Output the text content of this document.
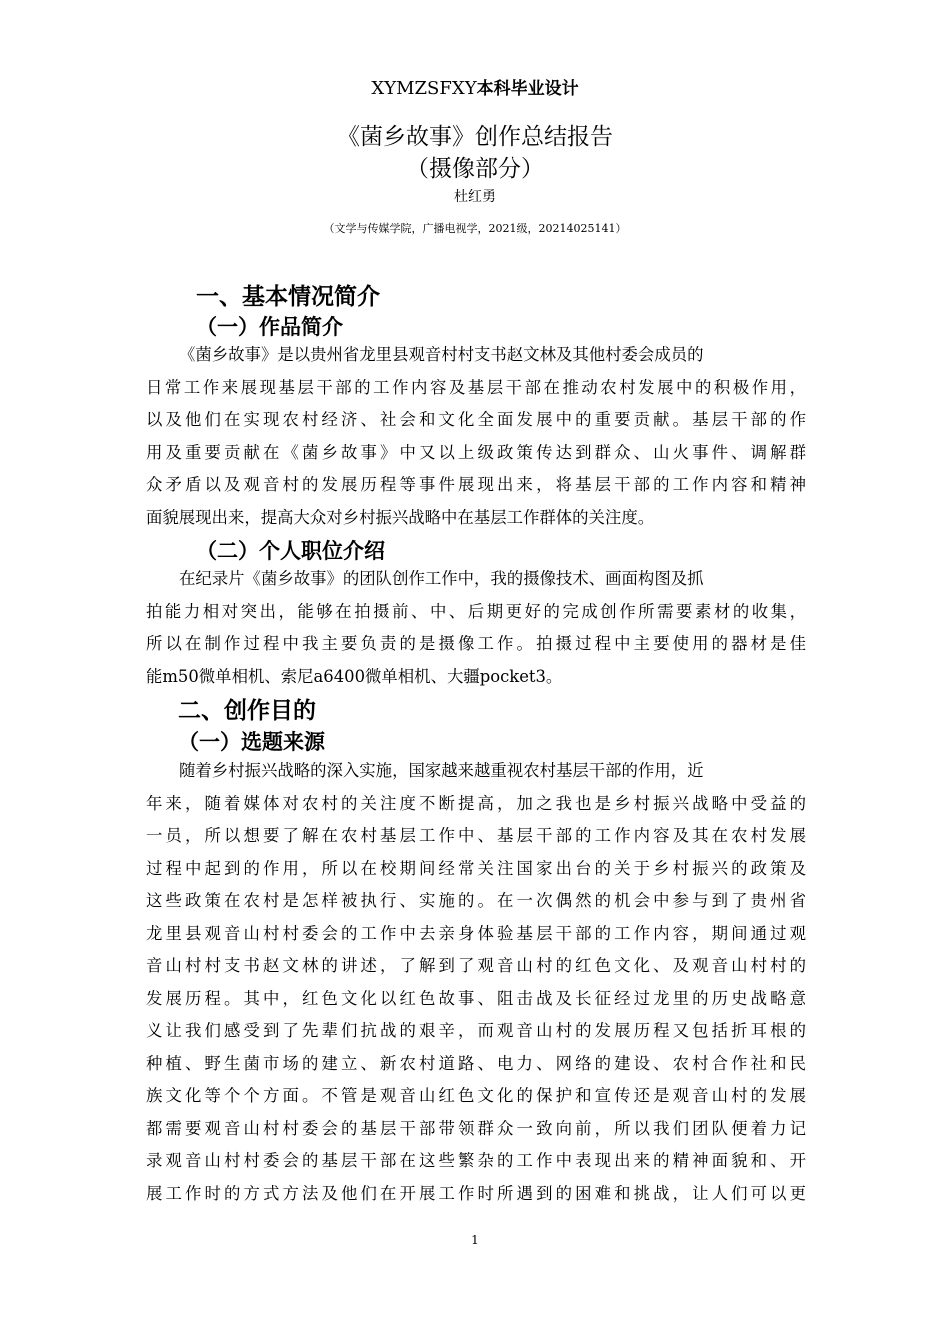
XYMZSFXY本科毕业设计
《菌乡故事》创作总结报告
（摄像部分）
杜红勇
（文学与传媒学院，广播电视学，2021级，20214025141）
一、基本情况简介
（一）作品简介
《菌乡故事》是以贵州省龙里县观音村村支书赵文林及其他村委会成员的
日常工作来展现基层干部的工作内容及基层干部在推动农村发展中的积极作用，
以及他们在实现农村经济、社会和文化全面发展中的重要贡献。基层干部的作
用及重要贡献在《菌乡故事》中又以上级政策传达到群众、山火事件、调解群
众矛盾以及观音村的发展历程等事件展现出来，将基层干部的工作内容和精神
面貌展现出来，提高大众对乡村振兴战略中在基层工作群体的关注度。
（二）个人职位介绍
在纪录片《菌乡故事》的团队创作工作中，我的摄像技术、画面构图及抓
拍能力相对突出，能够在拍摄前、中、后期更好的完成创作所需要素材的收集，
所以在制作过程中我主要负责的是摄像工作。拍摄过程中主要使用的器材是佳
能m50微单相机、索尼a6400微单相机、大疆pocket3。
二、创作目的
（一）选题来源
随着乡村振兴战略的深入实施，国家越来越重视农村基层干部的作用，近
年来，随着媒体对农村的关注度不断提高，加之我也是乡村振兴战略中受益的
一员，所以想要了解在农村基层工作中、基层干部的工作内容及其在农村发展
过程中起到的作用，所以在校期间经常关注国家出台的关于乡村振兴的政策及
这些政策在农村是怎样被执行、实施的。在一次偶然的机会中参与到了贵州省
龙里县观音山村村委会的工作中去亲身体验基层干部的工作内容，期间通过观
音山村村支书赵文林的讲述，了解到了观音山村的红色文化、及观音山村村的
发展历程。其中，红色文化以红色故事、阻击战及长征经过龙里的历史战略意
义让我们感受到了先辈们抗战的艰辛，而观音山村的发展历程又包括折耳根的
种植、野生菌市场的建立、新农村道路、电力、网络的建设、农村合作社和民
族文化等个个方面。不管是观音山红色文化的保护和宣传还是观音山村的发展
都需要观音山村村委会的基层干部带领群众一致向前，所以我们团队便着力记
录观音山村村委会的基层干部在这些繁杂的工作中表现出来的精神面貌和、开
展工作时的方式方法及他们在开展工作时所遇到的困难和挑战，让人们可以更
1
